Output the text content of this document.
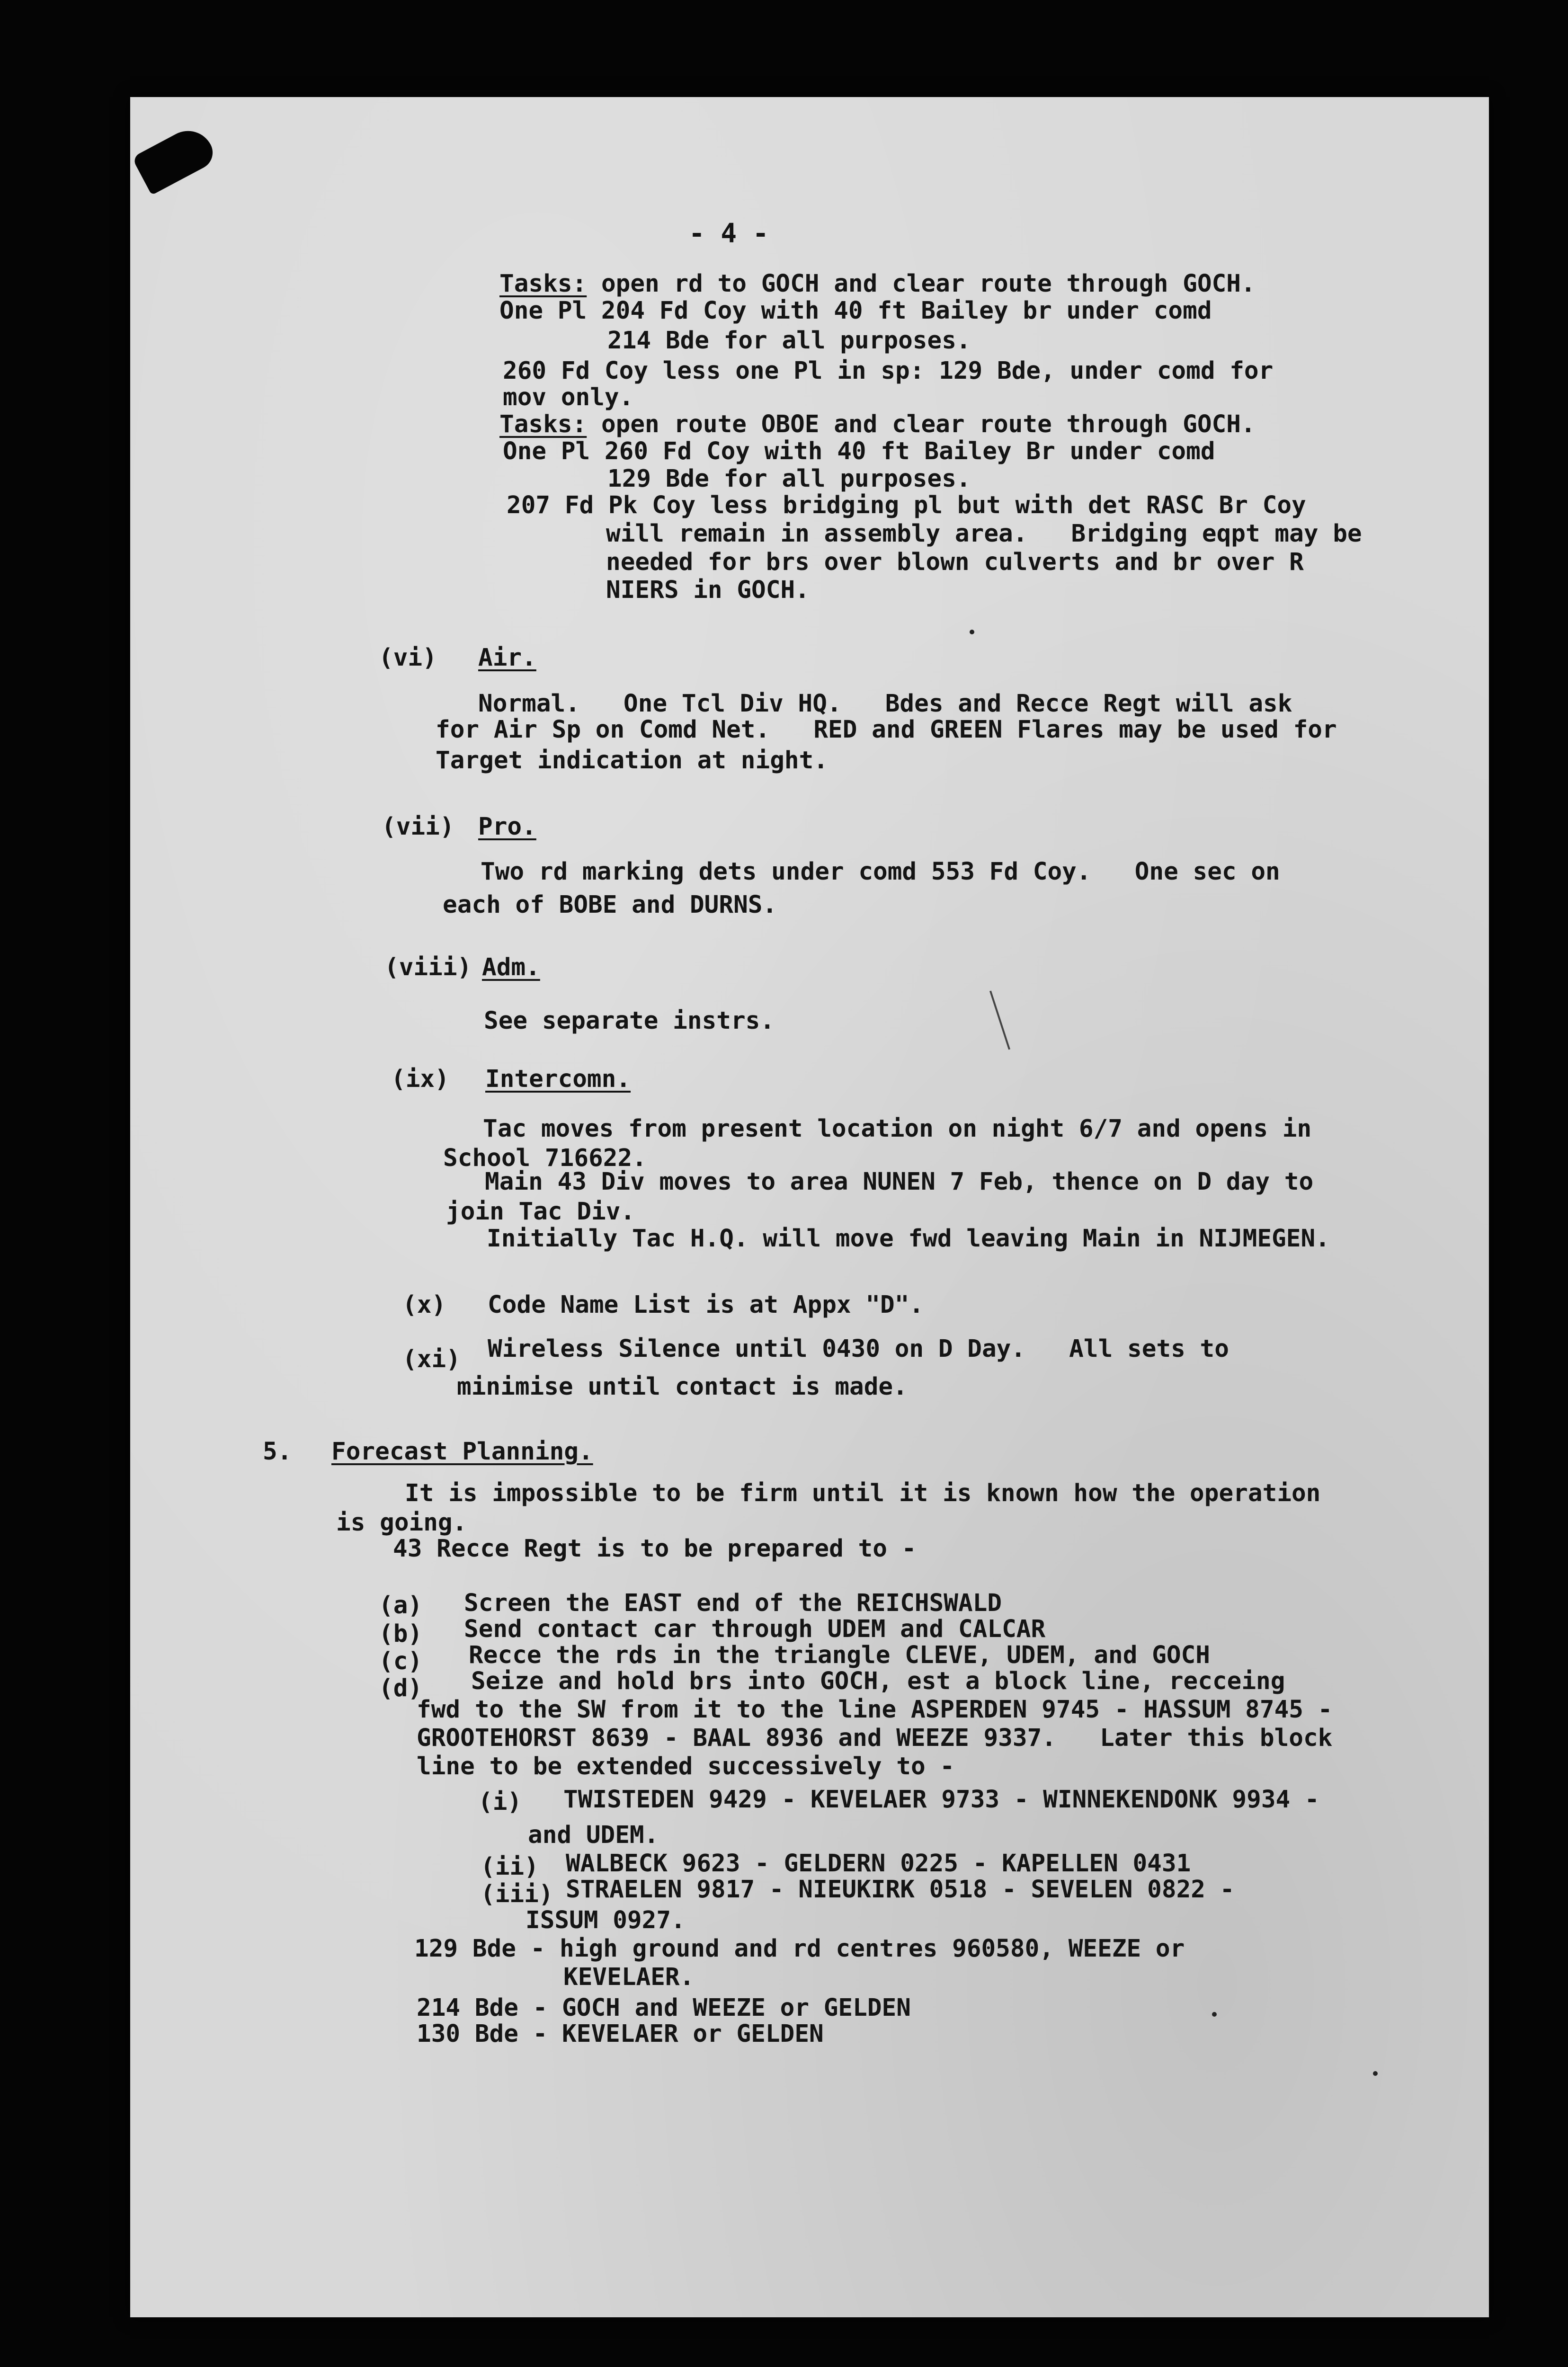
- 4 -
Tasks: open rd to GOCH and clear route through GOCH.
One Pl 204 Fd Coy with 40 ft Bailey br under comd
214 Bde for all purposes.
260 Fd Coy less one Pl in sp: 129 Bde, under comd for
mov only.
Tasks: open route OBOE and clear route through GOCH.
One Pl 260 Fd Coy with 40 ft Bailey Br under comd
129 Bde for all purposes.
207 Fd Pk Coy less bridging pl but with det RASC Br Coy
will remain in assembly area.   Bridging eqpt may be
needed for brs over blown culverts and br over R
NIERS in GOCH.
(vi) Air.
Normal.   One Tcl Div HQ.   Bdes and Recce Regt will ask
for Air Sp on Comd Net.   RED and GREEN Flares may be used for
Target indication at night.
(vii) Pro.
Two rd marking dets under comd 553 Fd Coy.   One sec on
each of BOBE and DURNS.
(viii) Adm.
See separate instrs.
(ix) Intercomn.
Tac moves from present location on night 6/7 and opens in
School 716622.
Main 43 Div moves to area NUNEN 7 Feb, thence on D day to
join Tac Div.
Initially Tac H.Q. will move fwd leaving Main in NIJMEGEN.
(x) Code Name List is at Appx "D".
(xi) Wireless Silence until 0430 on D Day.   All sets to
minimise until contact is made.
5. Forecast Planning.
It is impossible to be firm until it is known how the operation
is going.
43 Recce Regt is to be prepared to -
(a) Screen the EAST end of the REICHSWALD
(b) Send contact car through UDEM and CALCAR
(c) Recce the rds in the triangle CLEVE, UDEM, and GOCH
(d) Seize and hold brs into GOCH, est a block line, recceing
fwd to the SW from it to the line ASPERDEN 9745 - HASSUM 8745 -
GROOTEHORST 8639 - BAAL 8936 and WEEZE 9337.   Later this block
line to be extended successively to -
(i) TWISTEDEN 9429 - KEVELAER 9733 - WINNEKENDONK 9934 -
and UDEM.
(ii) WALBECK 9623 - GELDERN 0225 - KAPELLEN 0431
(iii) STRAELEN 9817 - NIEUKIRK 0518 - SEVELEN 0822 -
ISSUM 0927.
129 Bde - high ground and rd centres 960580, WEEZE or
KEVELAER.
214 Bde - GOCH and WEEZE or GELDEN
130 Bde - KEVELAER or GELDEN
